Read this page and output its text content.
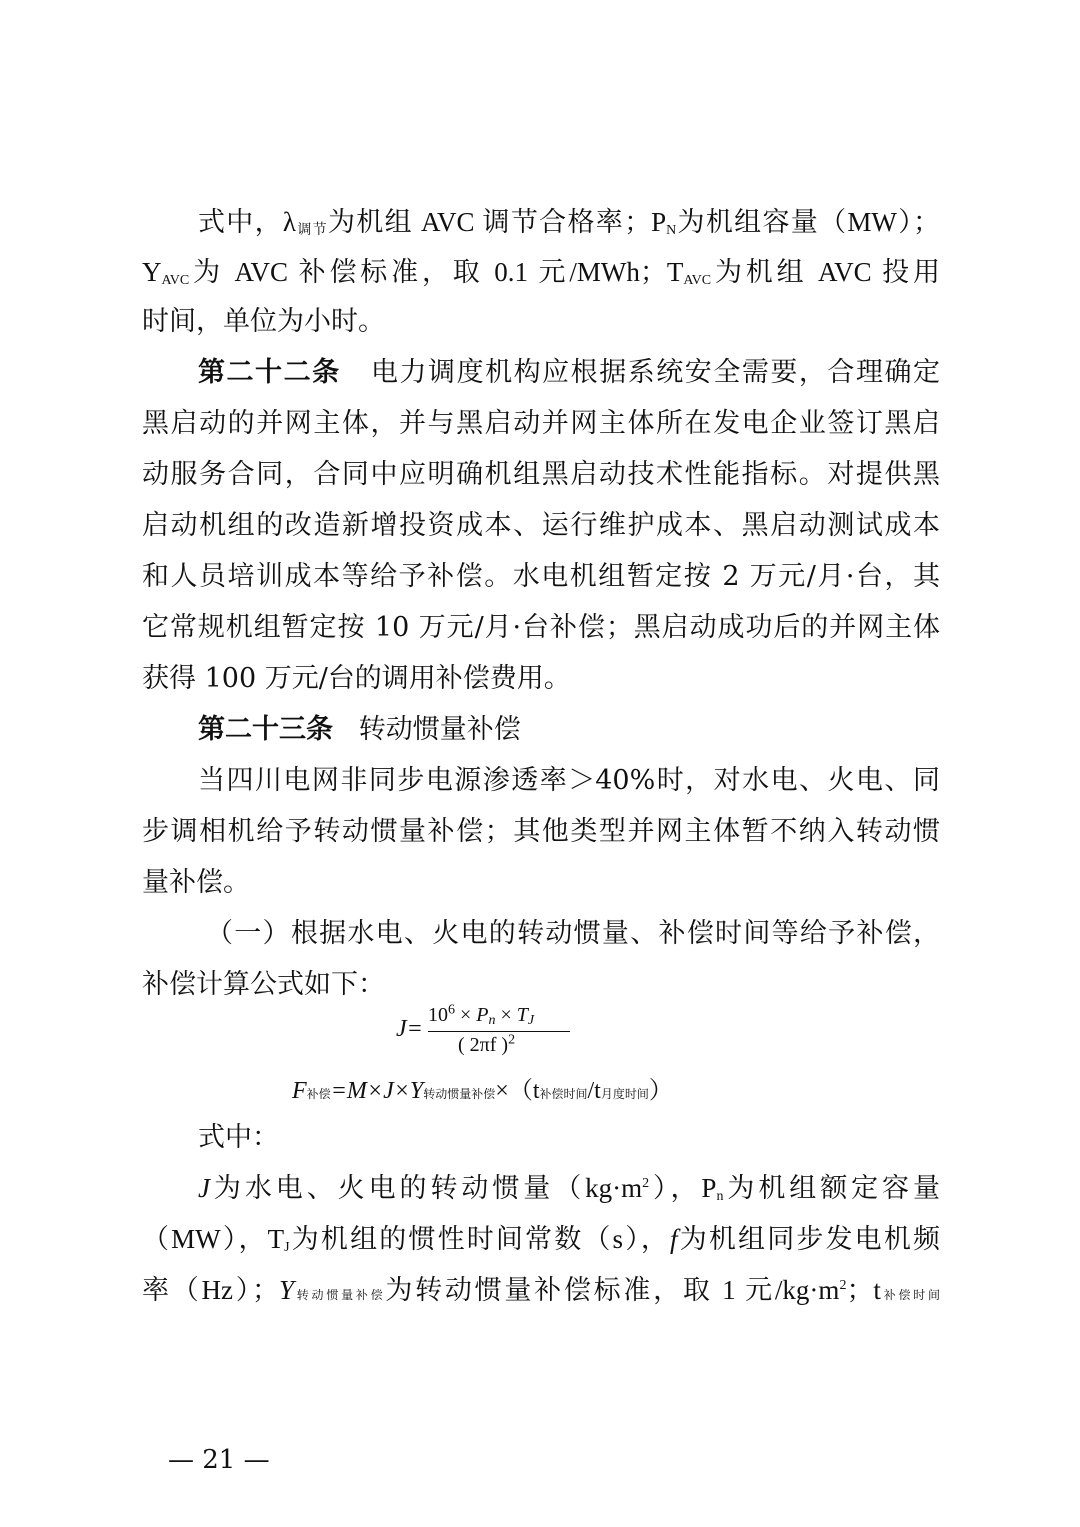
式中，$\lambda_{调节}$为机组 AVC 调节合格率；$P_N$为机组容量（MW）；
$Y_{AVC}$为 AVC 补偿标准，取 0.1 元/MWh；$T_{AVC}$为机组 AVC 投用
时间，单位为小时。
第二十二条 电力调度机构应根据系统安全需要，合理确定
黑启动的并网主体，并与黑启动并网主体所在发电企业签订黑启
动服务合同，合同中应明确机组黑启动技术性能指标。对提供黑
启动机组的改造新增投资成本、运行维护成本、黑启动测试成本
和人员培训成本等给予补偿。水电机组暂定按 2 万元/月·台，其
它常规机组暂定按 10 万元/月·台补偿；黑启动成功后的并网主体
获得 100 万元/台的调用补偿费用。
第二十三条 转动惯量补偿
当四川电网非同步电源渗透率＞40%时，对水电、火电、同
步调相机给予转动惯量补偿；其他类型并网主体暂不纳入转动惯
量补偿。
（一）根据水电、火电的转动惯量、补偿时间等给予补偿，
补偿计算公式如下：
J=
$10^6 \times P_n \times T_J$
( 2πf )$^2$
F补偿=M×J×Y转动惯量补偿×（t补偿时间/t月度时间）
式中：
J为水电、火电的转动惯量$(kg\cdot m^2)$，$P_n$为机组额定容量
（MW），$T_J$为机组的惯性时间常数（s），f为机组同步发电机频
率（Hz）；Y转动惯量补偿为转动惯量补偿标准，取 1 元$/kg\cdot m^2$；t补偿时间
— 21 —
